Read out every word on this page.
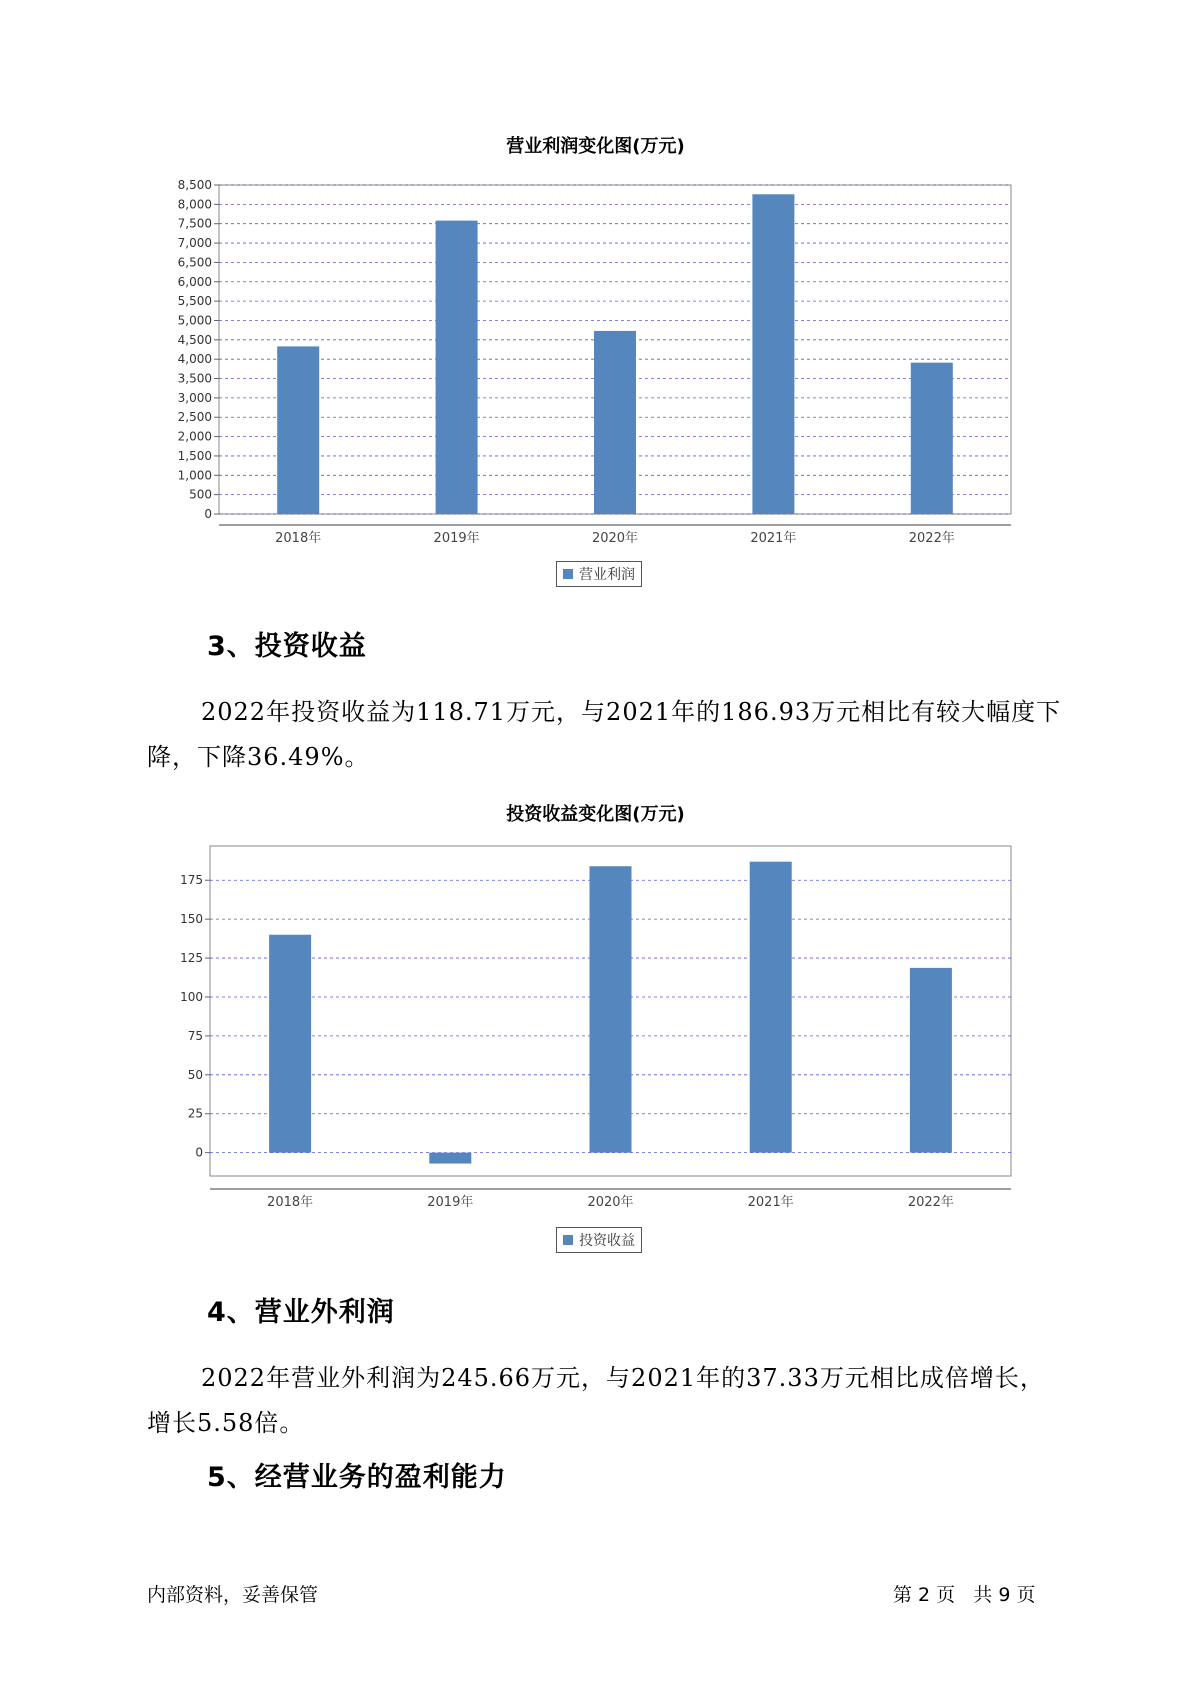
营业利润变化图(万元)
0
500
1,000
1,500
2,000
2,500
3,000
3,500
4,000
4,500
5,000
5,500
6,000
6,500
7,000
7,500
8,000
8,500
2018年	2019年	2020年	2021年	2022年
营业利润
3、投资收益
2022年投资收益为118.71万元，与2021年的186.93万元相比有较大幅度下降，下降36.49%。
投资收益变化图(万元)
0
25
50
75
100
125
150
175
2018年	2019年	2020年	2021年	2022年
投资收益
4、营业外利润
2022年营业外利润为245.66万元，与2021年的37.33万元相比成倍增长，增长5.58倍。
5、经营业务的盈利能力
内部资料，妥善保管	第 2 页   共 9 页
